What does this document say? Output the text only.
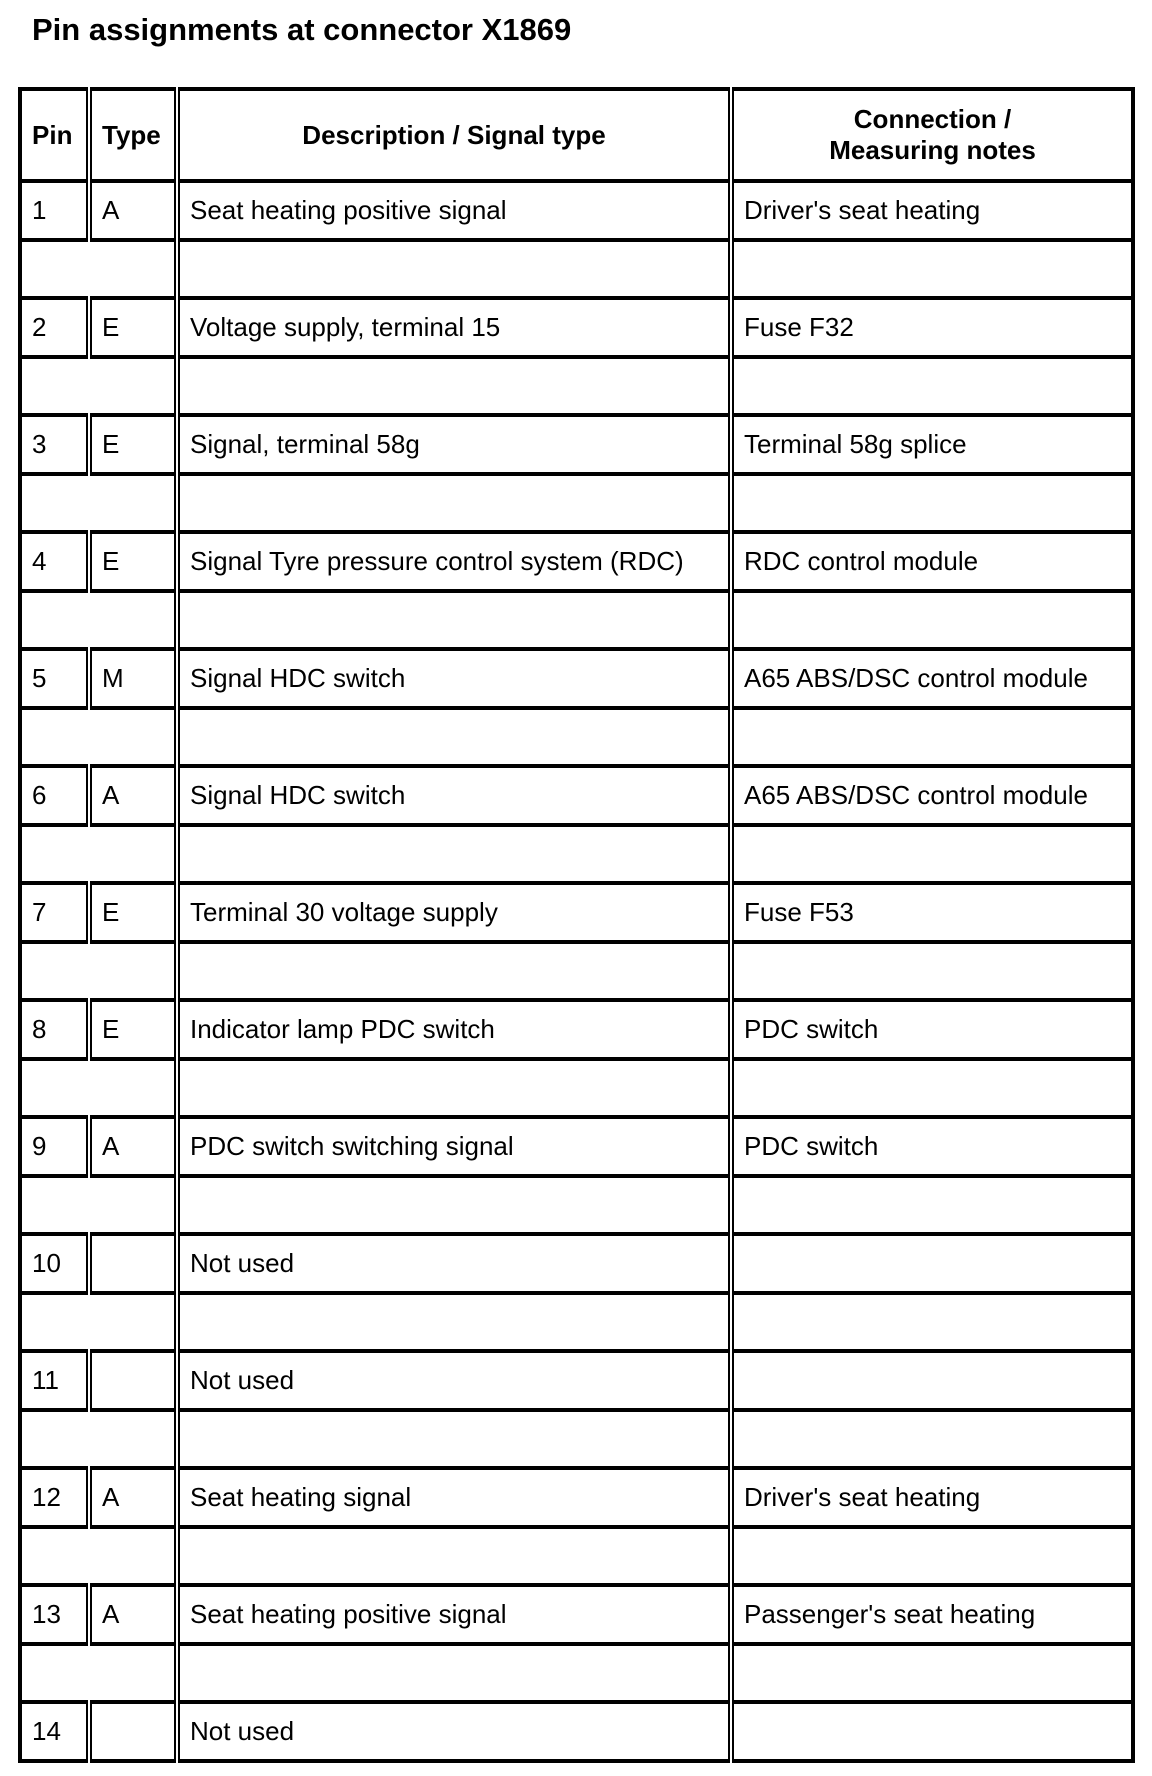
Pin assignments at connector X1869
Pin	Type	Description / Signal type	Connection /
Measuring notes
1	A	Seat heating positive signal	Driver's seat heating

2	E	Voltage supply, terminal 15	Fuse F32

3	E	Signal, terminal 58g	Terminal 58g splice

4	E	Signal Tyre pressure control system (RDC)	RDC control module

5	M	Signal HDC switch	A65 ABS/DSC control module

6	A	Signal HDC switch	A65 ABS/DSC control module

7	E	Terminal 30 voltage supply	Fuse F53

8	E	Indicator lamp PDC switch	PDC switch

9	A	PDC switch switching signal	PDC switch

10		Not used	

11		Not used	

12	A	Seat heating signal	Driver's seat heating

13	A	Seat heating positive signal	Passenger's seat heating

14		Not used	
